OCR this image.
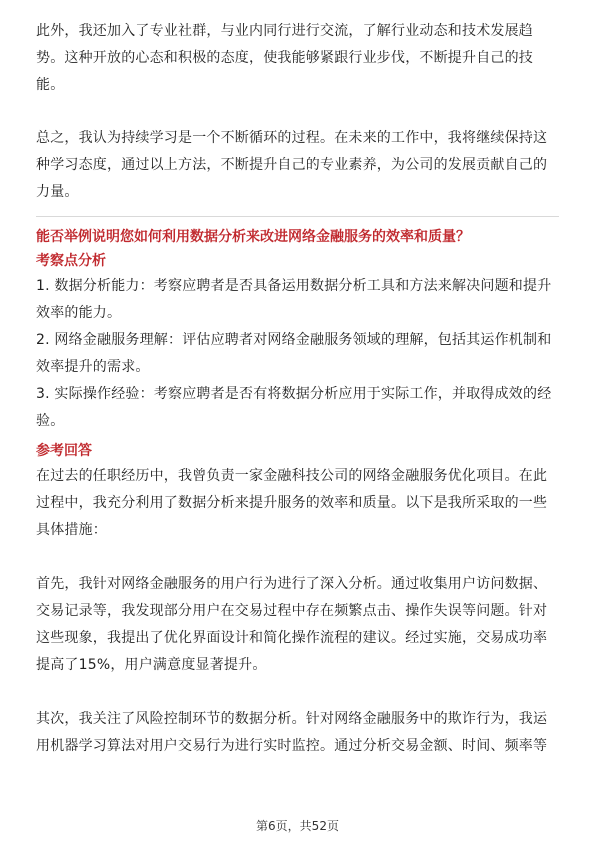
此外，我还加入了专业社群，与业内同行进行交流，了解行业动态和技术发展趋势。这种开放的心态和积极的态度，使我能够紧跟行业步伐，不断提升自己的技能。

总之，我认为持续学习是一个不断循环的过程。在未来的工作中，我将继续保持这种学习态度，通过以上方法，不断提升自己的专业素养，为公司的发展贡献自己的力量。

能否举例说明您如何利用数据分析来改进网络金融服务的效率和质量？
考察点分析

1. 数据分析能力：考察应聘者是否具备运用数据分析工具和方法来解决问题和提升效率的能力。

2. 网络金融服务理解：评估应聘者对网络金融服务领域的理解，包括其运作机制和效率提升的需求。

3. 实际操作经验：考察应聘者是否有将数据分析应用于实际工作，并取得成效的经验。

参考回答

在过去的任职经历中，我曾负责一家金融科技公司的网络金融服务优化项目。在此过程中，我充分利用了数据分析来提升服务的效率和质量。以下是我所采取的一些具体措施：

首先，我针对网络金融服务的用户行为进行了深入分析。通过收集用户访问数据、交易记录等，我发现部分用户在交易过程中存在频繁点击、操作失误等问题。针对这些现象，我提出了优化界面设计和简化操作流程的建议。经过实施，交易成功率提高了15%，用户满意度显著提升。

其次，我关注了风险控制环节的数据分析。针对网络金融服务中的欺诈行为，我运用机器学习算法对用户交易行为进行实时监控。通过分析交易金额、时间、频率等

第6页，共52页
